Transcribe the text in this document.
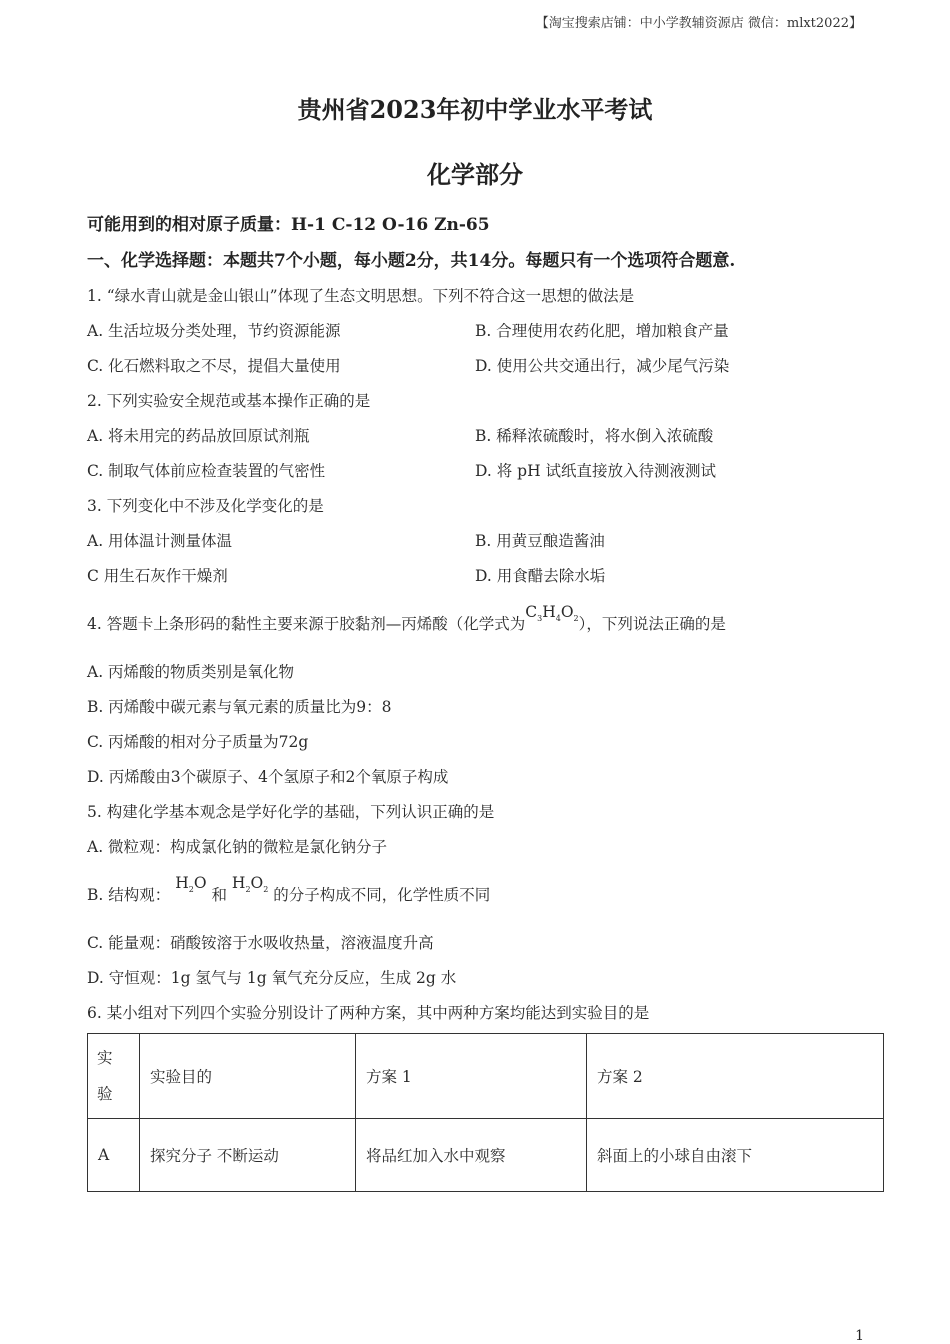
【淘宝搜索店铺：中小学教辅资源店 微信：mlxt2022】
贵州省2023年初中学业水平考试
化学部分
可能用到的相对原子质量：H-1 C-12 O-16 Zn-65
一、化学选择题：本题共7个小题，每小题2分，共14分。每题只有一个选项符合题意.
1. “绿水青山就是金山银山”体现了生态文明思想。下列不符合这一思想的做法是
A. 生活垃圾分类处理，节约资源能源	B. 合理使用农药化肥，增加粮食产量
C. 化石燃料取之不尽，提倡大量使用	D. 使用公共交通出行，减少尾气污染
2. 下列实验安全规范或基本操作正确的是
A. 将未用完的药品放回原试剂瓶	B. 稀释浓硫酸时，将水倒入浓硫酸
C. 制取气体前应检查装置的气密性	D. 将 pH 试纸直接放入待测液测试
3. 下列变化中不涉及化学变化的是
A. 用体温计测量体温	B. 用黄豆酿造酱油
C 用生石灰作干燥剂	D. 用食醋去除水垢
4. 答题卡上条形码的黏性主要来源于胶黏剂—丙烯酸（化学式为$C_3H_4O_2$），下列说法正确的是
A. 丙烯酸的物质类别是氧化物
B. 丙烯酸中碳元素与氧元素的质量比为9：8
C. 丙烯酸的相对分子质量为72g
D. 丙烯酸由3个碳原子、4个氢原子和2个氧原子构成
5. 构建化学基本观念是学好化学的基础，下列认识正确的是
A. 微粒观：构成氯化钠的微粒是氯化钠分子
B. 结构观： $H_2O$ 和 $H_2O_2$ 的分子构成不同，化学性质不同
C. 能量观：硝酸铵溶于水吸收热量，溶液温度升高
D. 守恒观：1g 氢气与 1g 氧气充分反应，生成 2g 水
6. 某小组对下列四个实验分别设计了两种方案，其中两种方案均能达到实验目的是
实
验	实验目的	方案 1	方案 2
A	探究分子 不断运动	将品红加入水中观察	斜面上的小球自由滚下
1
